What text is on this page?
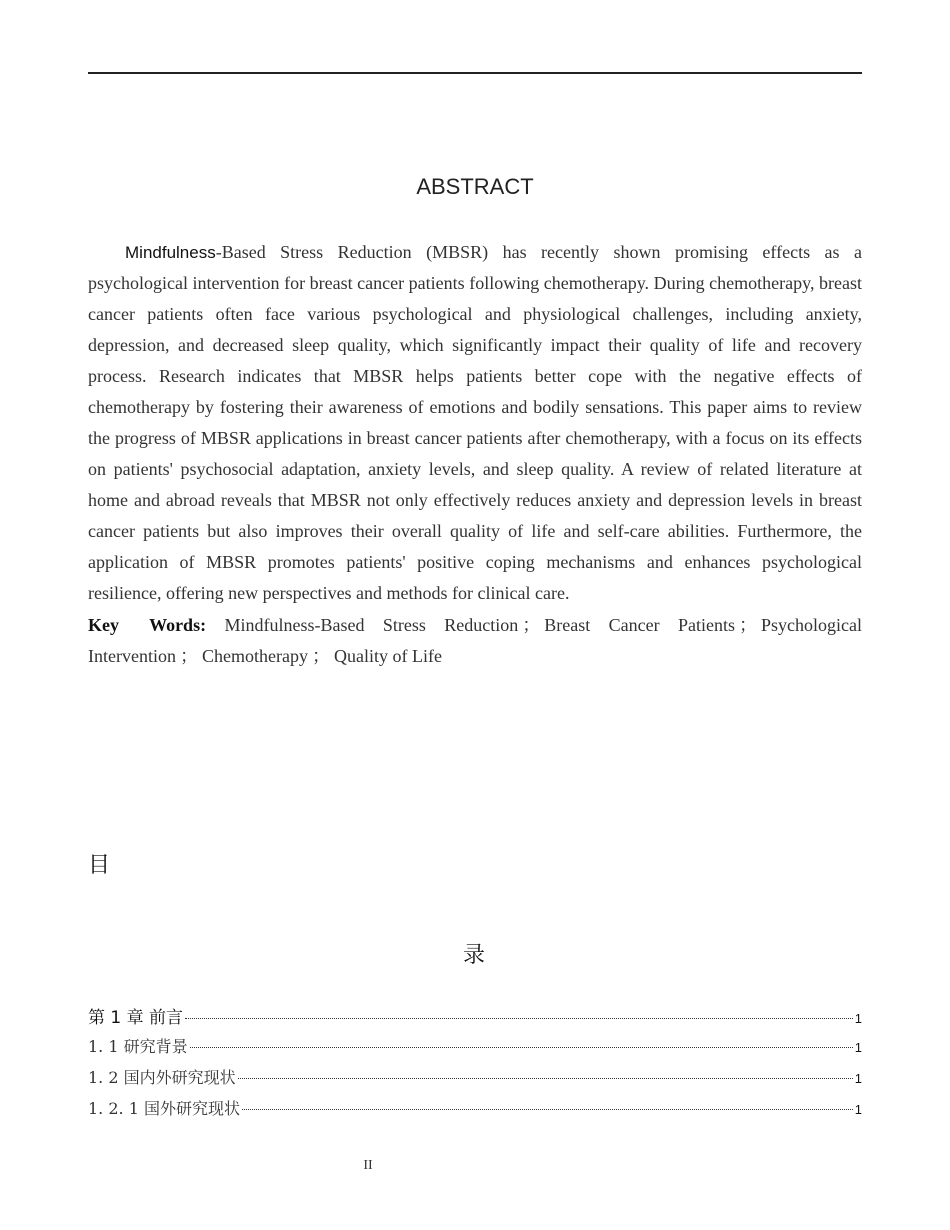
ABSTRACT

Mindfulness-Based Stress Reduction (MBSR) has recently shown promising effects as a psychological intervention for breast cancer patients following chemotherapy. During chemotherapy, breast cancer patients often face various psychological and physiological challenges, including anxiety, depression, and decreased sleep quality, which significantly impact their quality of life and recovery process. Research indicates that MBSR helps patients better cope with the negative effects of chemotherapy by fostering their awareness of emotions and bodily sensations. This paper aims to review the progress of MBSR applications in breast cancer patients after chemotherapy, with a focus on its effects on patients' psychosocial adaptation, anxiety levels, and sleep quality. A review of related literature at home and abroad reveals that MBSR not only effectively reduces anxiety and depression levels in breast cancer patients but also improves their overall quality of life and self-care abilities. Furthermore, the application of MBSR promotes patients' positive coping mechanisms and enhances psychological resilience, offering new perspectives and methods for clinical care.

Key Words: Mindfulness-Based Stress Reduction ； Breast Cancer Patients ； Psychological Intervention ； Chemotherapy ； Quality of Life

目
录
第 1 章 前言	1
1. 1 研究背景	1
1. 2 国内外研究现状	1
1. 2. 1 国外研究现状	1
II
